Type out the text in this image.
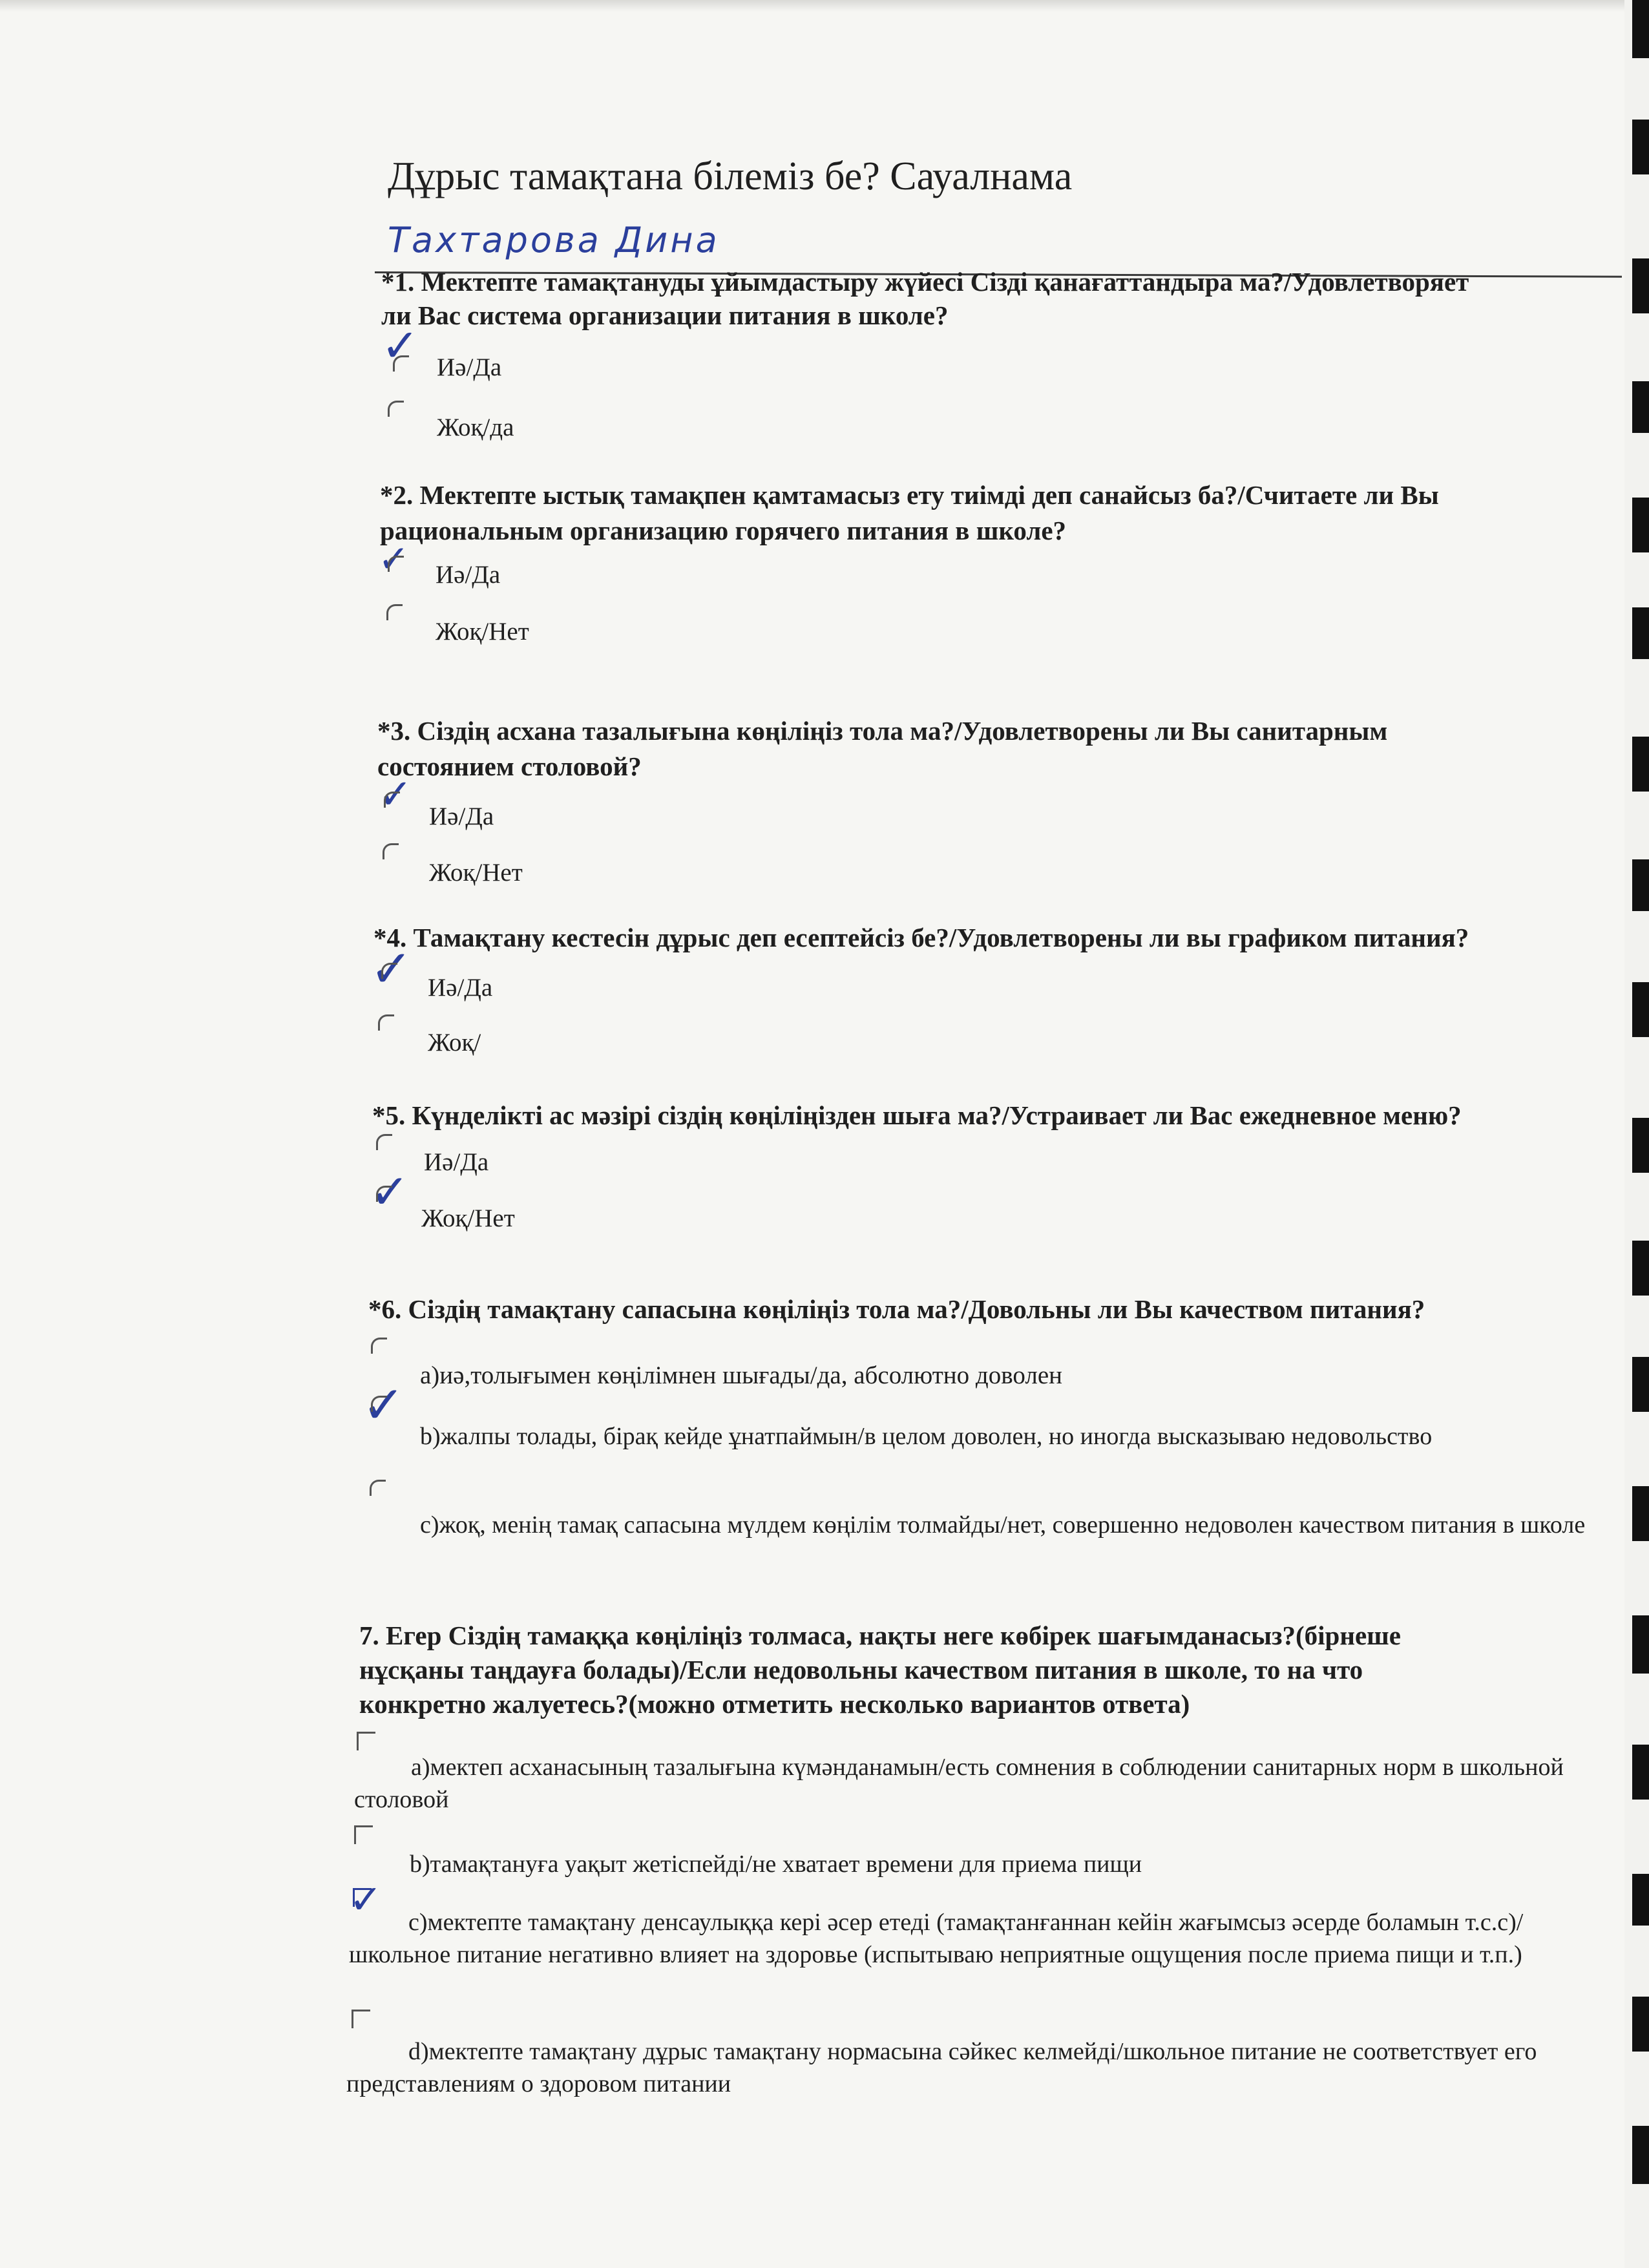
Дұрыс тамақтана білеміз бе? Сауалнама
Тахтарова Дина
*1. Мектепте тамақтануды ұйымдастыру жүйесі Сізді қанағаттандыра ма?/Удовлетворяет
ли Вас система организации питания в школе?
✓ Иә/Да
Жоқ/да
*2. Мектепте ыстық тамақпен қамтамасыз ету тиімді деп санайсыз ба?/Считаете ли Вы
рациональным организацию горячего питания в школе?
✓ Иә/Да
Жоқ/Нет
*3. Сіздің асхана тазалығына көңіліңіз тола ма?/Удовлетворены ли Вы санитарным
состоянием столовой?
✓ Иә/Да
Жоқ/Нет
*4. Тамақтану кестесін дұрыс деп есептейсіз бе?/Удовлетворены ли вы графиком питания?
✓ Иә/Да
Жоқ/
*5. Күнделікті ас мәзірі сіздің көңіліңізден шыға ма?/Устраивает ли Вас ежедневное меню?
Иә/Да
✓ Жоқ/Нет
*6. Сіздің тамақтану сапасына көңіліңіз тола ма?/Довольны ли Вы качеством питания?
a)иә,толығымен көңілімнен шығады/да, абсолютно доволен
✓
b)жалпы толады, бірақ кейде ұнатпаймын/в целом доволен, но иногда высказываю недовольство
c)жоқ, менің тамақ сапасына мүлдем көңілім толмайды/нет, совершенно недоволен качеством питания в школе
7. Егер Сіздің тамаққа көңіліңіз толмаса, нақты неге көбірек шағымданасыз?(бірнеше
нұсқаны таңдауға болады)/Если недовольны качеством питания в школе, то на что
конкретно жалуетесь?(можно отметить несколько вариантов ответа)
a)мектеп асханасының тазалығына күмәнданамын/есть сомнения в соблюдении санитарных норм в школьной столовой
b)тамақтануға уақыт жетіспейді/не хватает времени для приема пищи
✓	c)мектепте тамақтану денсаулыққа кері әсер етеді (тамақтанғаннан кейін жағымсыз әсерде боламын т.с.с)/школьное питание негативно влияет на здоровье (испытываю неприятные ощущения после приема пищи и т.п.)
d)мектепте тамақтану дұрыс тамақтану нормасына сәйкес келмейді/школьное питание не соответствует его представлениям о здоровом питании
